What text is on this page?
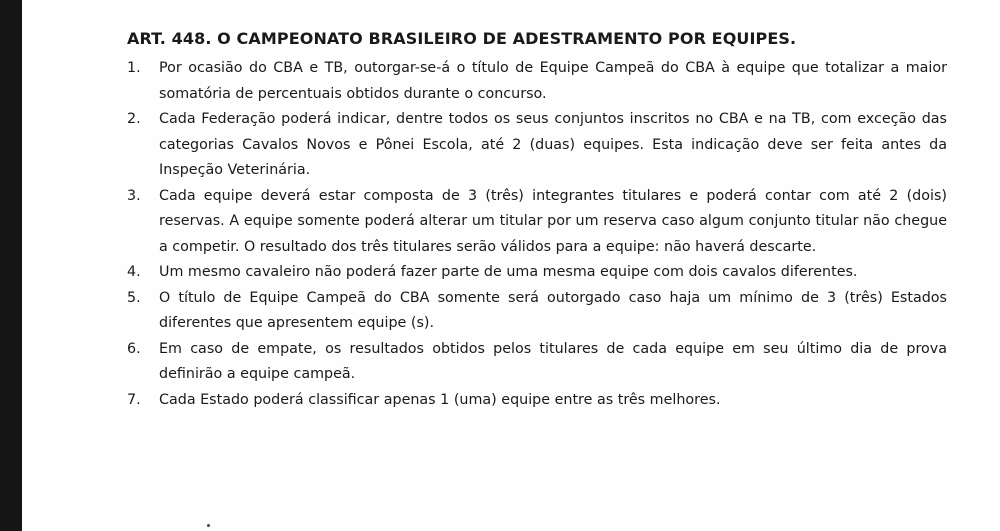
ART. 448. O CAMPEONATO BRASILEIRO DE ADESTRAMENTO POR EQUIPES.
1. Por ocasião do CBA e TB, outorgar-se-á o título de Equipe Campeã do CBA à equipe que totalizar a maior somatória de percentuais obtidos durante o concurso.
2. Cada Federação poderá indicar, dentre todos os seus conjuntos inscritos no CBA e na TB, com exceção das categorias Cavalos Novos e Pônei Escola, até 2 (duas) equipes. Esta indicação deve ser feita antes da Inspeção Veterinária.
3. Cada equipe deverá estar composta de 3 (três) integrantes titulares e poderá contar com até 2 (dois) reservas. A equipe somente poderá alterar um titular por um reserva caso algum conjunto titular não chegue a competir. O resultado dos três titulares serão válidos para a equipe: não haverá descarte.
4. Um mesmo cavaleiro não poderá fazer parte de uma mesma equipe com dois cavalos diferentes.
5. O título de Equipe Campeã do CBA somente será outorgado caso haja um mínimo de 3 (três) Estados diferentes que apresentem equipe (s).
6. Em caso de empate, os resultados obtidos pelos titulares de cada equipe em seu último dia de prova definirão a equipe campeã.
7. Cada Estado poderá classificar apenas 1 (uma) equipe entre as três melhores.
